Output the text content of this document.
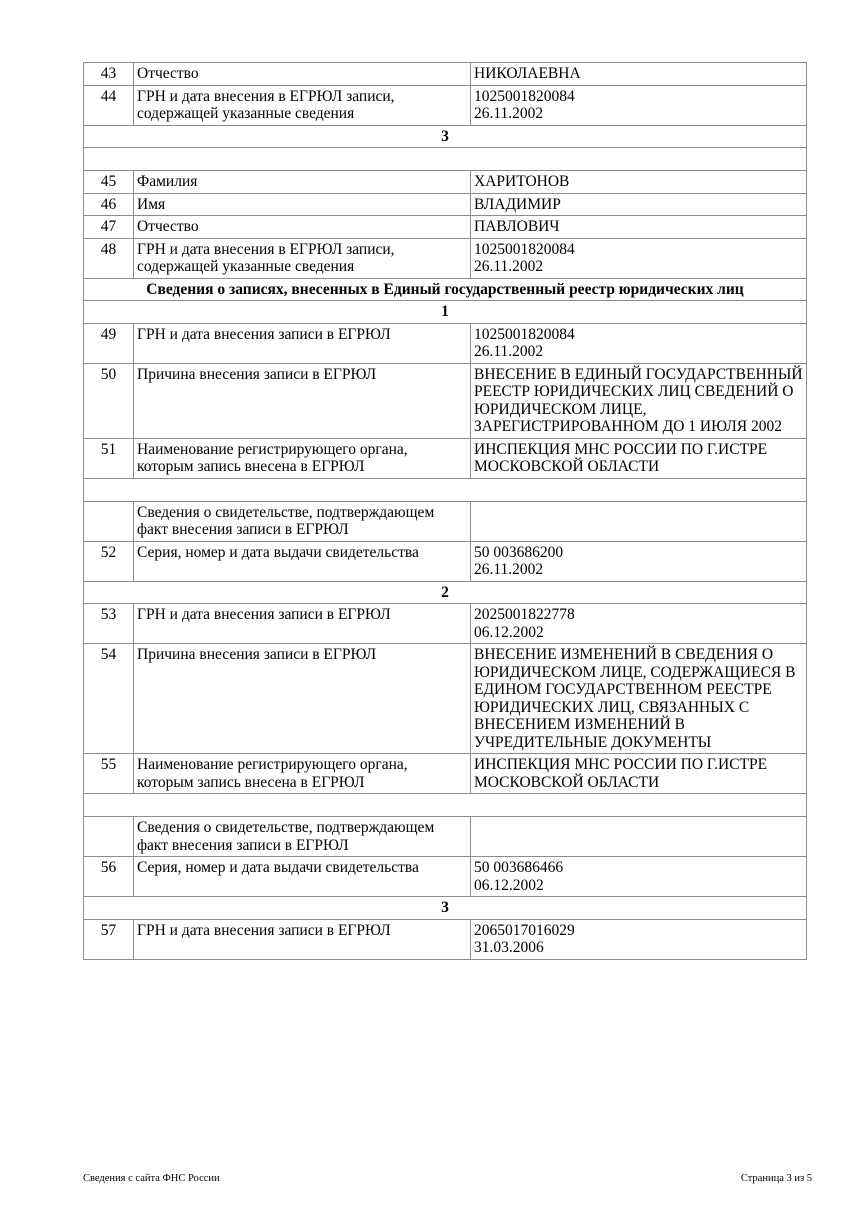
43	Отчество	НИКОЛАЕВНА
44	ГРН и дата внесения в ЕГРЮЛ записи, содержащей указанные сведения	1025001820084
26.11.2002
3		

45	Фамилия	ХАРИТОНОВ
46	Имя	ВЛАДИМИР
47	Отчество	ПАВЛОВИЧ
48	ГРН и дата внесения в ЕГРЮЛ записи, содержащей указанные сведения	1025001820084
26.11.2002
Сведения о записях, внесенных в Единый государственный реестр юридических лиц		
1		
49	ГРН и дата внесения записи в ЕГРЮЛ	1025001820084
26.11.2002
50	Причина внесения записи в ЕГРЮЛ	ВНЕСЕНИЕ В ЕДИНЫЙ ГОСУДАРСТВЕННЫЙ РЕЕСТР ЮРИДИЧЕСКИХ ЛИЦ СВЕДЕНИЙ О ЮРИДИЧЕСКОМ ЛИЦЕ, ЗАРЕГИСТРИРОВАННОМ ДО 1 ИЮЛЯ 2002
51	Наименование регистрирующего органа, которым запись внесена в ЕГРЮЛ	ИНСПЕКЦИЯ МНС РОССИИ ПО Г.ИСТРЕ МОСКОВСКОЙ ОБЛАСТИ

	Сведения о свидетельстве, подтверждающем факт внесения записи в ЕГРЮЛ	
52	Серия, номер и дата выдачи свидетельства	50 003686200
26.11.2002
2		
53	ГРН и дата внесения записи в ЕГРЮЛ	2025001822778
06.12.2002
54	Причина внесения записи в ЕГРЮЛ	ВНЕСЕНИЕ ИЗМЕНЕНИЙ В СВЕДЕНИЯ О ЮРИДИЧЕСКОМ ЛИЦЕ, СОДЕРЖАЩИЕСЯ В ЕДИНОМ ГОСУДАРСТВЕННОМ РЕЕСТРЕ ЮРИДИЧЕСКИХ ЛИЦ, СВЯЗАННЫХ С ВНЕСЕНИЕМ ИЗМЕНЕНИЙ В УЧРЕДИТЕЛЬНЫЕ ДОКУМЕНТЫ
55	Наименование регистрирующего органа, которым запись внесена в ЕГРЮЛ	ИНСПЕКЦИЯ МНС РОССИИ ПО Г.ИСТРЕ МОСКОВСКОЙ ОБЛАСТИ

	Сведения о свидетельстве, подтверждающем факт внесения записи в ЕГРЮЛ	
56	Серия, номер и дата выдачи свидетельства	50 003686466
06.12.2002
3		
57	ГРН и дата внесения записи в ЕГРЮЛ	2065017016029
31.03.2006
Сведения с сайта ФНС России	Страница 3 из 5
